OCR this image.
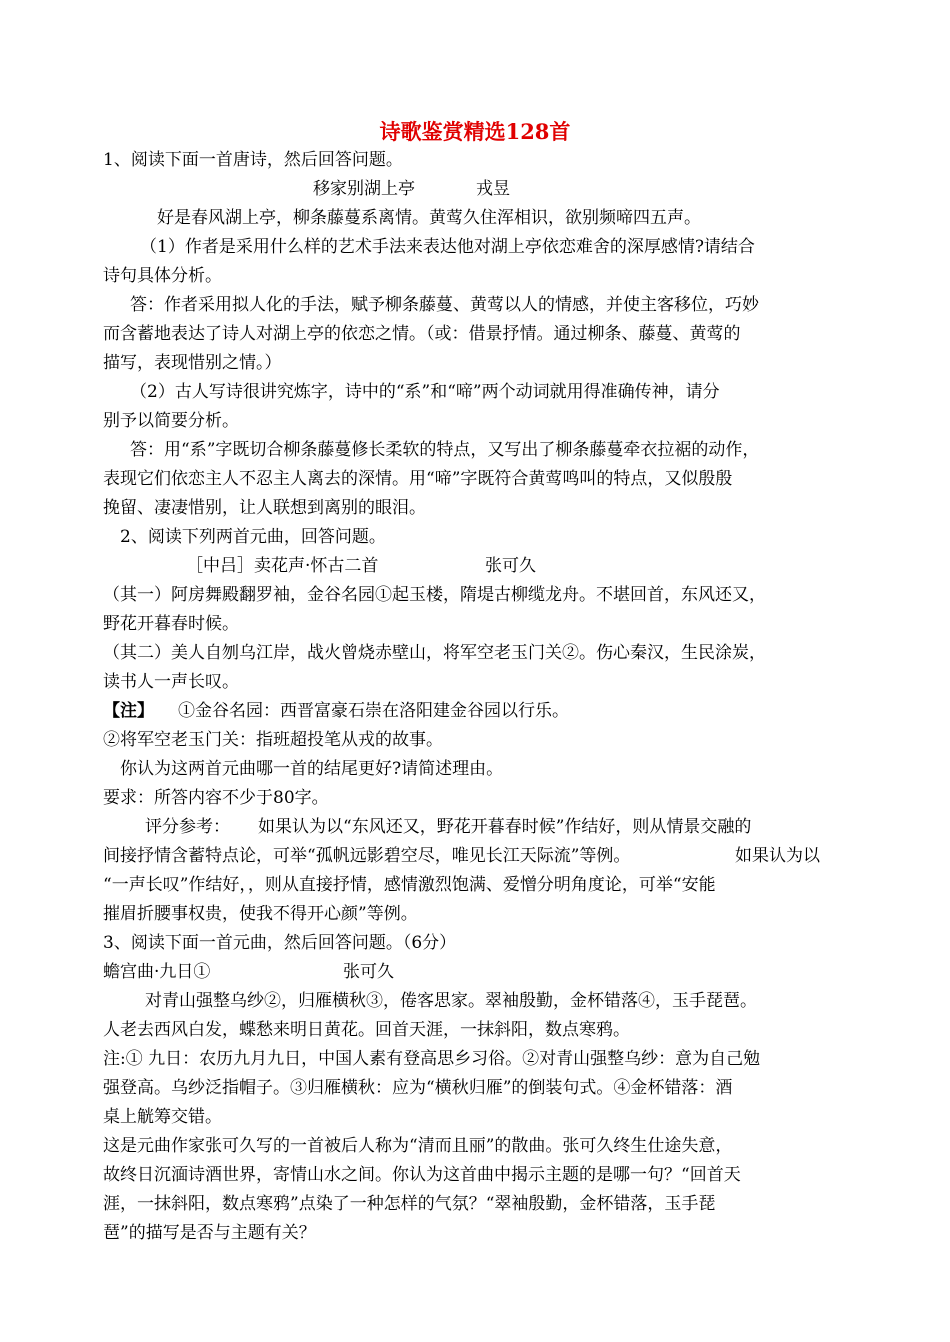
诗歌鉴赏精选128首
1、阅读下面一首唐诗，然后回答问题。
移家别湖上亭	戎昱
好是春风湖上亭，柳条藤蔓系离情。黄莺久住浑相识，欲别频啼四五声。
（1）作者是采用什么样的艺术手法来表达他对湖上亭依恋难舍的深厚感情?请结合
诗句具体分析。
答：作者采用拟人化的手法，赋予柳条藤蔓、黄莺以人的情感，并使主客移位，巧妙
而含蓄地表达了诗人对湖上亭的依恋之情。（或：借景抒情。通过柳条、藤蔓、黄莺的
描写，表现惜别之情。）
（2）古人写诗很讲究炼字，诗中的“系”和“啼”两个动词就用得准确传神，请分
别予以简要分析。
答：用“系”字既切合柳条藤蔓修长柔软的特点，又写出了柳条藤蔓牵衣拉裾的动作，
表现它们依恋主人不忍主人离去的深情。用“啼”字既符合黄莺鸣叫的特点，又似殷殷
挽留、凄凄惜别，让人联想到离别的眼泪。
2、阅读下列两首元曲，回答问题。
［中吕］卖花声·怀古二首	张可久
（其一）阿房舞殿翻罗袖，金谷名园①起玉楼，隋堤古柳缆龙舟。不堪回首，东风还又，
野花开暮春时候。
（其二）美人自刎乌江岸，战火曾烧赤壁山，将军空老玉门关②。伤心秦汉，生民涂炭，
读书人一声长叹。
【注】 ①金谷名园：西晋富豪石崇在洛阳建金谷园以行乐。
②将军空老玉门关：指班超投笔从戎的故事。
你认为这两首元曲哪一首的结尾更好?请简述理由。
要求：所答内容不少于80字。
评分参考： 如果认为以“东风还又，野花开暮春时候”作结好，则从情景交融的
间接抒情含蓄特点论，可举“孤帆远影碧空尽，唯见长江天际流”等例。	如果认为以
“一声长叹”作结好，，则从直接抒情，感情激烈饱满、爱憎分明角度论，可举“安能
摧眉折腰事权贵，使我不得开心颜”等例。
3、阅读下面一首元曲，然后回答问题。（6分）
蟾宫曲·九日①	张可久
对青山强整乌纱②，归雁横秋③，倦客思家。翠袖殷勤，金杯错落④，玉手琵琶。
人老去西风白发，蝶愁来明日黄花。回首天涯，一抹斜阳，数点寒鸦。
注:① 九日：农历九月九日，中国人素有登高思乡习俗。②对青山强整乌纱：意为自己勉
强登高。乌纱泛指帽子。③归雁横秋：应为“横秋归雁”的倒装句式。④金杯错落：酒
桌上觥筹交错。
这是元曲作家张可久写的一首被后人称为“清而且丽”的散曲。张可久终生仕途失意，
故终日沉湎诗酒世界，寄情山水之间。你认为这首曲中揭示主题的是哪一句？“回首天
涯，一抹斜阳，数点寒鸦”点染了一种怎样的气氛？“翠袖殷勤，金杯错落，玉手琵
琶”的描写是否与主题有关？
